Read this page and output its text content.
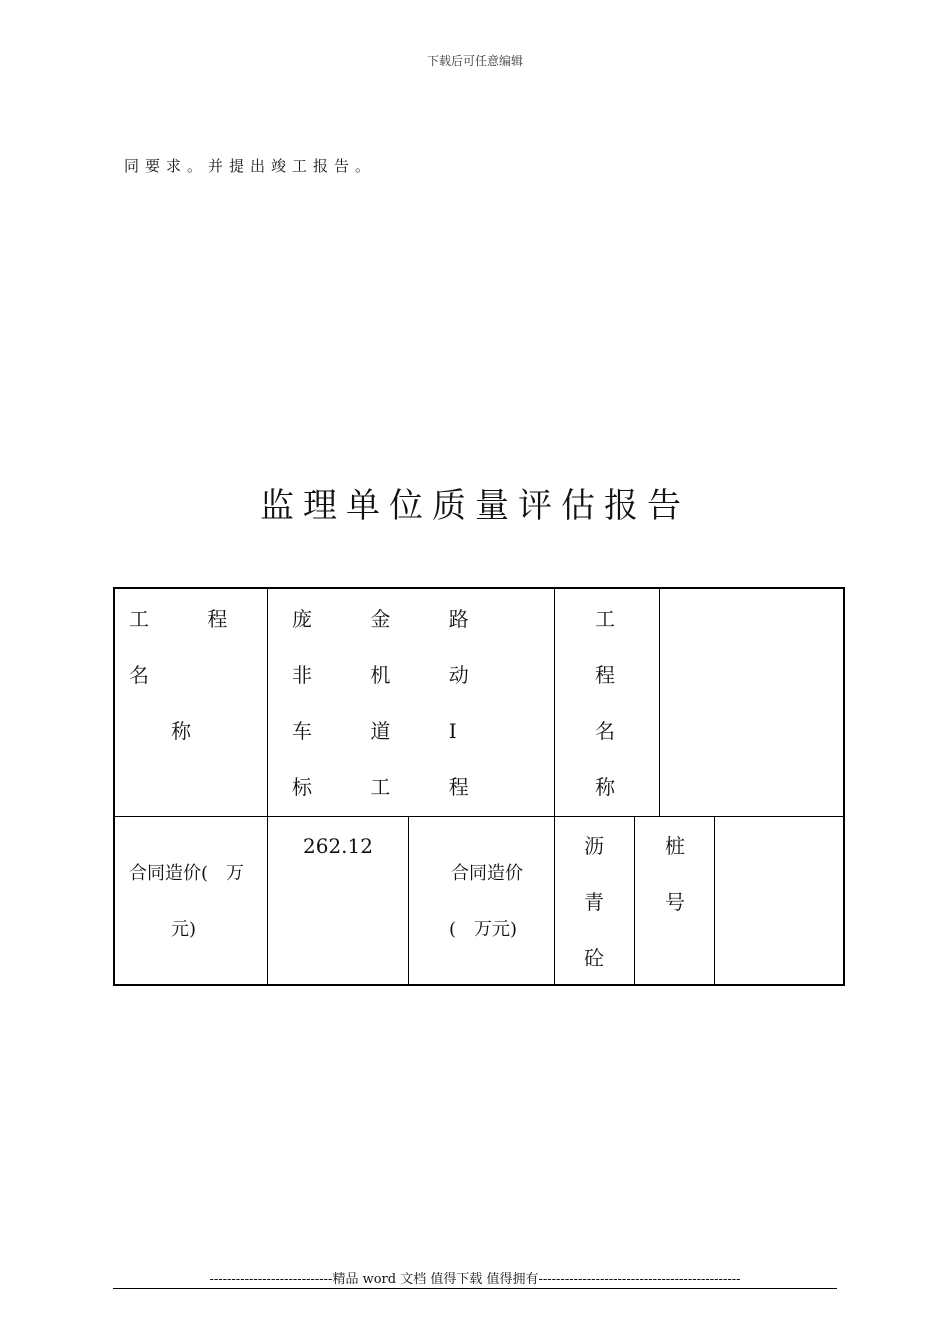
下载后可任意编辑
同要求。并提出竣工报告。
监理单位质量评估报告
工 程 名
称
庞 金 路 非 机 动
车 道 Ⅰ 标 工 程
工
程
名
称
合同造价(　万
元)
262.12
合同造价
(　万元)
沥
青
砼
桩
号
----------------------------精品 word 文档 值得下载 值得拥有----------------------------------------------
